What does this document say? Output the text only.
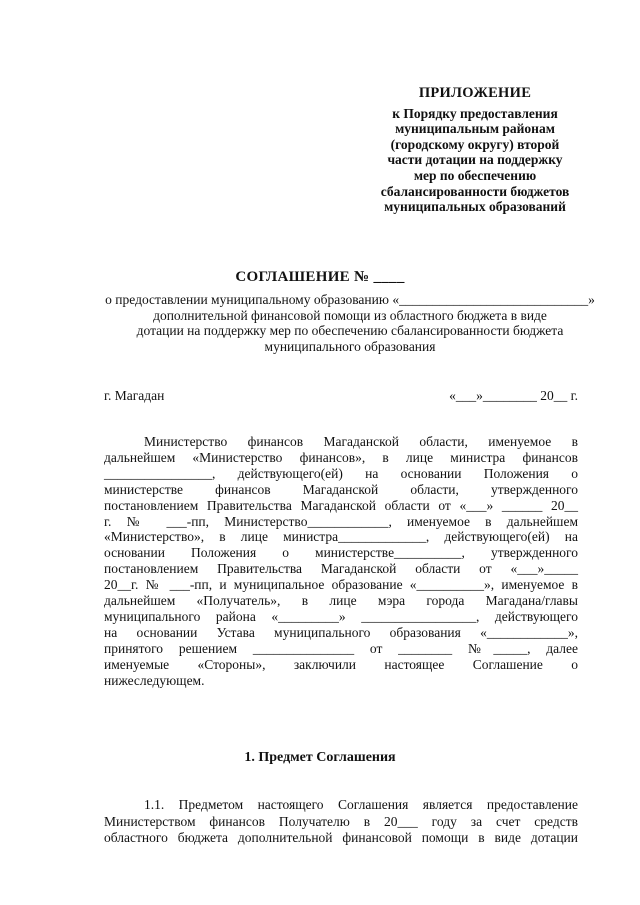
ПРИЛОЖЕНИЕ
к Порядку предоставления
муниципальным районам
(городскому округу) второй
части дотации на поддержку
мер по обеспечению
сбалансированности бюджетов
муниципальных образований
СОГЛАШЕНИЕ № ____
о предоставлении муниципальному образованию «____________________________»
дополнительной финансовой помощи из областного бюджета в виде
дотации на поддержку мер по обеспечению сбалансированности бюджета
муниципального образования
г. Магадан	«___»________ 20__ г.
Министерство финансов Магаданской области, именуемое в
дальнейшем «Министерство финансов», в лице министра финансов
________________, действующего(ей) на основании Положения о
министерстве финансов Магаданской области, утвержденного
постановлением Правительства Магаданской области от «___» ______ 20__
г. № ___-пп, Министерство____________, именуемое в дальнейшем
«Министерство», в лице министра_____________, действующего(ей) на
основании Положения о министерстве__________, утвержденного
постановлением Правительства Магаданской области от «___»_____
20__г. № ___-пп, и муниципальное образование «__________», именуемое в
дальнейшем «Получатель», в лице мэра города Магадана/главы
муниципального района «_________» _________________, действующего
на основании Устава муниципального образования «____________»,
принятого решением _______________ от ________ №_____, далее
именуемые «Стороны», заключили настоящее Соглашение о
нижеследующем.
1. Предмет Соглашения
1.1. Предметом настоящего Соглашения является предоставление
Министерством финансов Получателю в 20___ году за счет средств
областного бюджета дополнительной финансовой помощи в виде дотации
